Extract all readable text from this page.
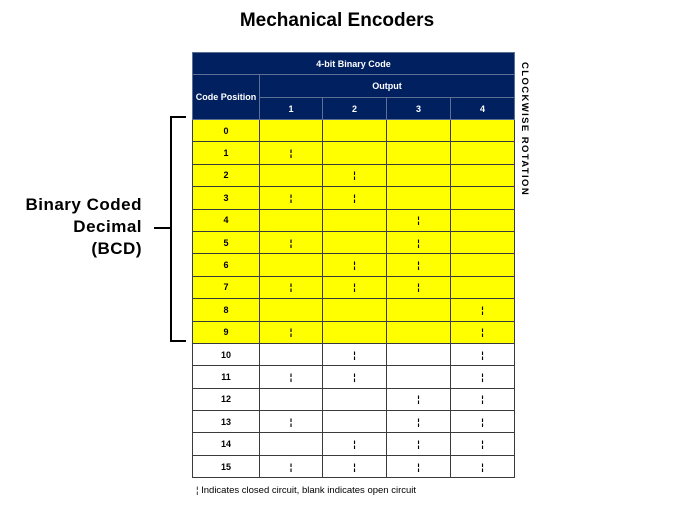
Mechanical Encoders
Binary Coded
Decimal
(BCD)
4-bit Binary Code				
Code Position	Output			
	1	2	3	4
0				
1	¦			
2		¦		
3	¦	¦		
4			¦	
5	¦		¦	
6		¦	¦	
7	¦	¦	¦	
8				¦
9	¦			¦
10		¦		¦
11	¦	¦		¦
12			¦	¦
13	¦		¦	¦
14		¦	¦	¦
15	¦	¦	¦	¦
CLOCKWISE ROTATION
¦ Indicates closed circuit, blank indicates open circuit
